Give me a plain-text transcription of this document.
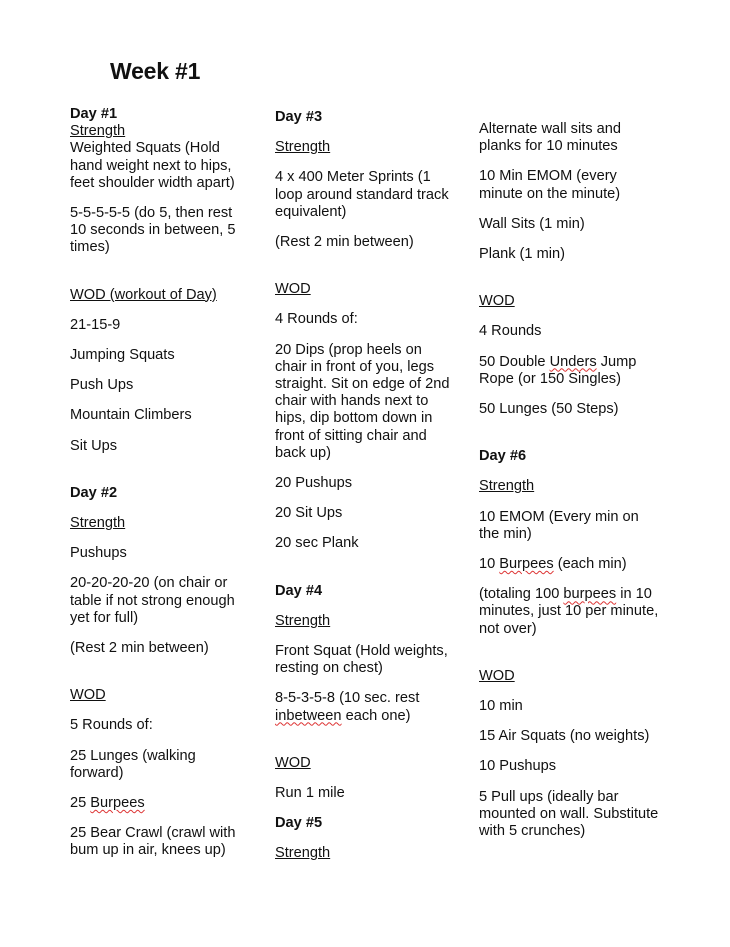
Week #1
Day #1
Strength
Weighted Squats (Hold hand weight next to hips, feet shoulder width apart)
5-5-5-5-5 (do 5, then rest 10 seconds in between, 5 times)
WOD (workout of Day)
21-15-9
Jumping Squats
Push Ups
Mountain Climbers
Sit Ups
Day #2
Strength
Pushups
20-20-20-20 (on chair or table if not strong enough yet for full)
(Rest 2 min between)
WOD
5 Rounds of:
25 Lunges (walking forward)
25 Burpees
25 Bear Crawl (crawl with bum up in air, knees up)
Day #3
Strength
4 x 400 Meter Sprints (1 loop around standard track equivalent)
(Rest 2 min between)
WOD
4 Rounds of:
20 Dips (prop heels on chair in front of you, legs straight. Sit on edge of 2nd chair with hands next to hips, dip bottom down in front of sitting chair and back up)
20 Pushups
20 Sit Ups
20 sec Plank
Day #4
Strength
Front Squat (Hold weights, resting on chest)
8-5-3-5-8 (10 sec. rest inbetween each one)
WOD
Run 1 mile
Day #5
Strength
Alternate wall sits and planks for 10 minutes
10 Min EMOM (every minute on the minute)
Wall Sits (1 min)
Plank (1 min)
WOD
4 Rounds
50 Double Unders Jump Rope (or 150 Singles)
50 Lunges (50 Steps)
Day #6
Strength
10 EMOM (Every min on the min)
10 Burpees (each min)
(totaling 100 burpees in 10 minutes, just 10 per minute, not over)
WOD
10 min
15 Air Squats (no weights)
10 Pushups
5 Pull ups (ideally bar mounted on wall. Substitute with 5 crunches)
